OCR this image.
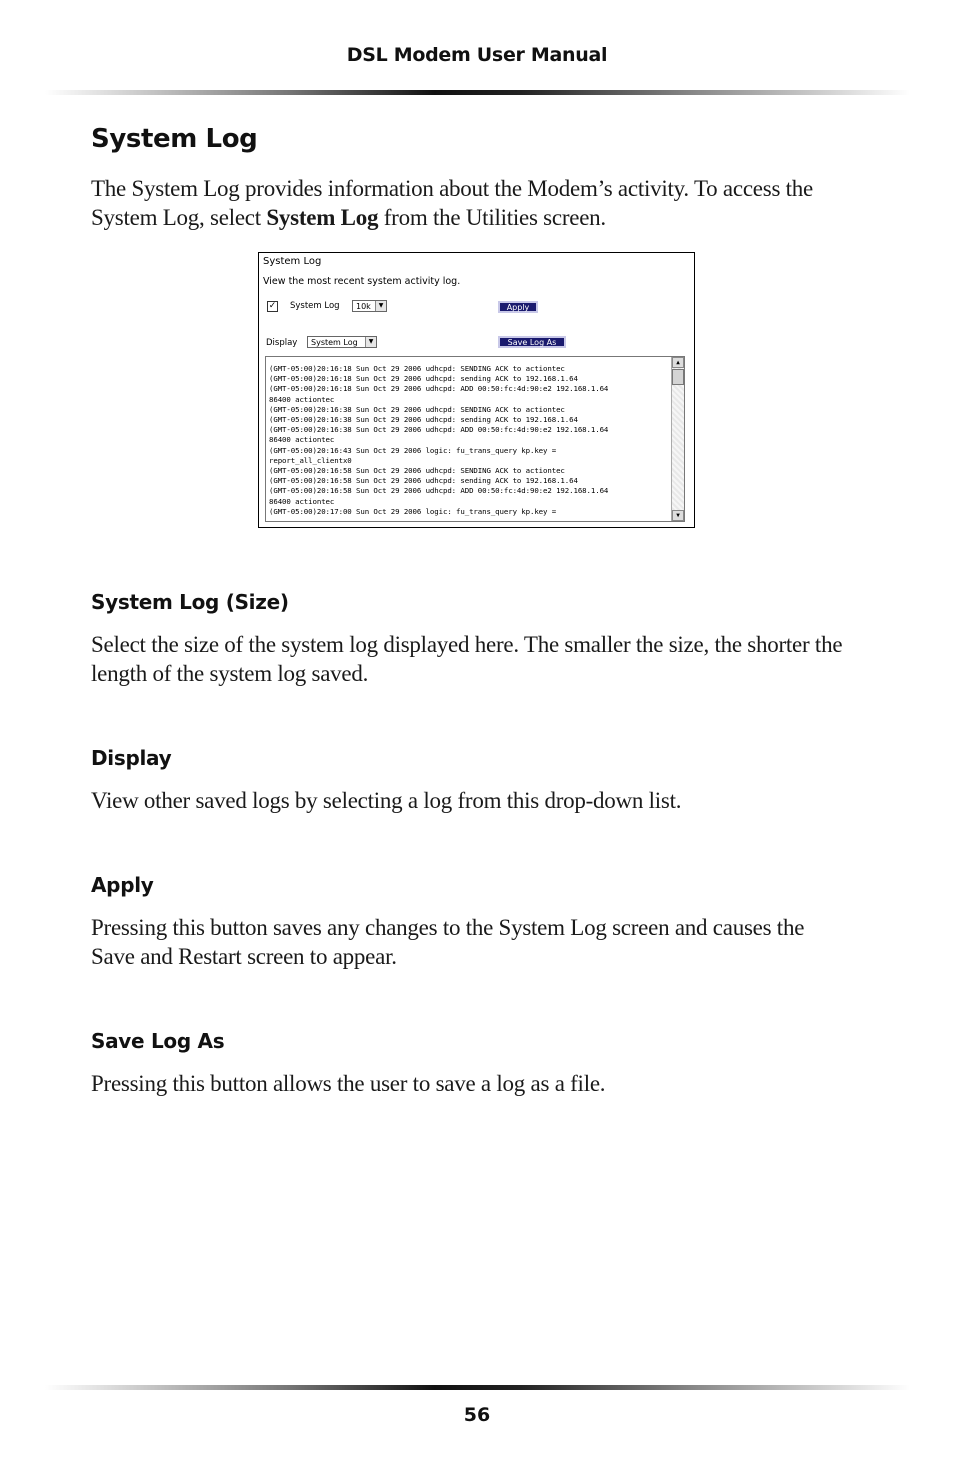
DSL Modem User Manual
System Log

The System Log provides information about the Modem’s activity. To access the System Log, select System Log from the Utilities screen.

System Log
View the most recent system activity log.
✓ System Log	10k	▼	Apply
Display	System Log	▼	Save Log As
(GMT-05:00)20:16:18 Sun Oct 29 2006 udhcpd: SENDING ACK to actiontec
(GMT-05:00)20:16:18 Sun Oct 29 2006 udhcpd: sending ACK to 192.168.1.64
(GMT-05:00)20:16:18 Sun Oct 29 2006 udhcpd: ADD 00:50:fc:4d:90:e2 192.168.1.64
86400 actiontec
(GMT-05:00)20:16:38 Sun Oct 29 2006 udhcpd: SENDING ACK to actiontec
(GMT-05:00)20:16:38 Sun Oct 29 2006 udhcpd: sending ACK to 192.168.1.64
(GMT-05:00)20:16:38 Sun Oct 29 2006 udhcpd: ADD 00:50:fc:4d:90:e2 192.168.1.64
86400 actiontec
(GMT-05:00)20:16:43 Sun Oct 29 2006 logic: fu_trans_query kp.key =
report_all_clientx0
(GMT-05:00)20:16:58 Sun Oct 29 2006 udhcpd: SENDING ACK to actiontec
(GMT-05:00)20:16:58 Sun Oct 29 2006 udhcpd: sending ACK to 192.168.1.64
(GMT-05:00)20:16:58 Sun Oct 29 2006 udhcpd: ADD 00:50:fc:4d:90:e2 192.168.1.64
86400 actiontec
(GMT-05:00)20:17:00 Sun Oct 29 2006 logic: fu_trans_query kp.key =
▲
▼
System Log (Size)

Select the size of the system log displayed here. The smaller the size, the shorter the length of the system log saved.

Display

View other saved logs by selecting a log from this drop-down list.

Apply

Pressing this button saves any changes to the System Log screen and causes the Save and Restart screen to appear.

Save Log As

Pressing this button allows the user to save a log as a file.

56
